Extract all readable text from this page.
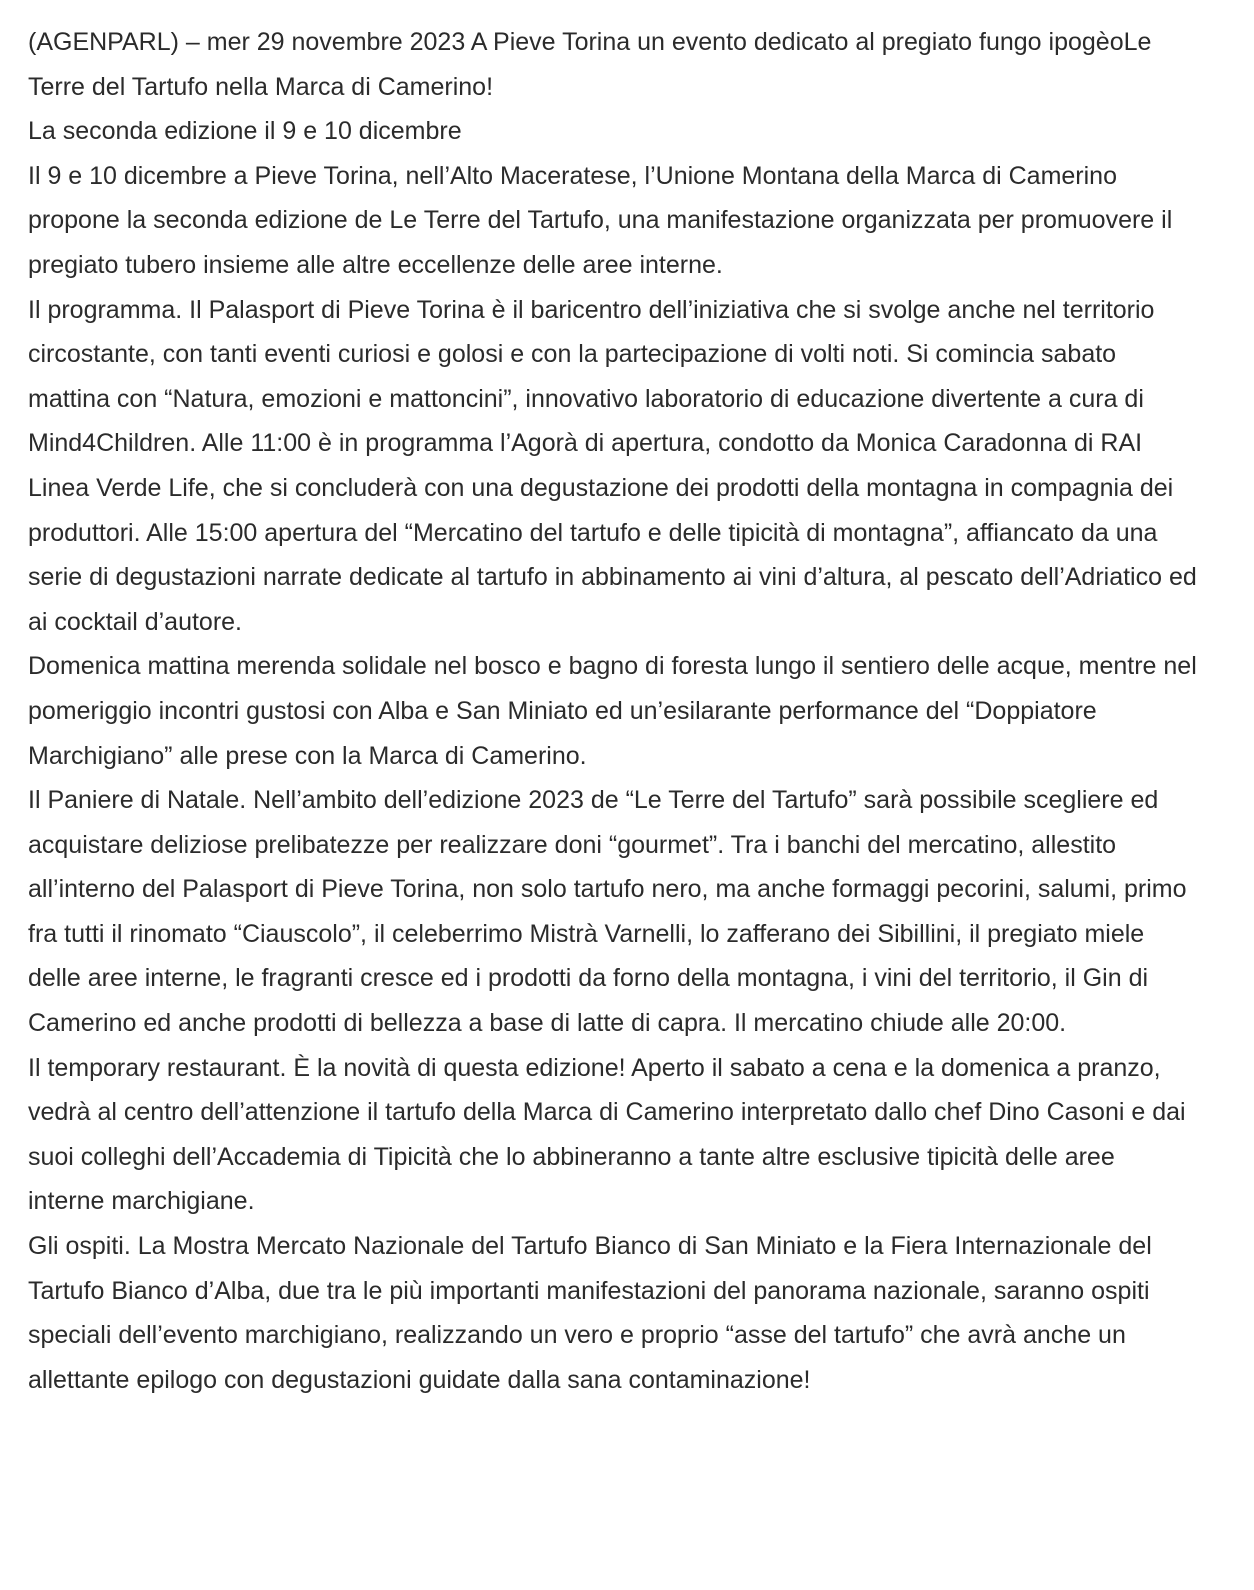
(AGENPARL) – mer 29 novembre 2023 A Pieve Torina un evento dedicato al pregiato fungo ipogèoLe Terre del Tartufo nella Marca di Camerino!

La seconda edizione il 9 e 10 dicembre

Il 9 e 10 dicembre a Pieve Torina, nell’Alto Maceratese, l’Unione Montana della Marca di Camerino propone la seconda edizione de Le Terre del Tartufo, una manifestazione organizzata per promuovere il pregiato tubero insieme alle altre eccellenze delle aree interne.

Il programma. Il Palasport di Pieve Torina è il baricentro dell’iniziativa che si svolge anche nel territorio circostante, con tanti eventi curiosi e golosi e con la partecipazione di volti noti. Si comincia sabato mattina con “Natura, emozioni e mattoncini”, innovativo laboratorio di educazione divertente a cura di Mind4Children. Alle 11:00 è in programma l’Agorà di apertura, condotto da Monica Caradonna di RAI Linea Verde Life, che si concluderà con una degustazione dei prodotti della montagna in compagnia dei produttori. Alle 15:00 apertura del “Mercatino del tartufo e delle tipicità di montagna”, affiancato da una serie di degustazioni narrate dedicate al tartufo in abbinamento ai vini d’altura, al pescato dell’Adriatico ed ai cocktail d’autore.

Domenica mattina merenda solidale nel bosco e bagno di foresta lungo il sentiero delle acque, mentre nel pomeriggio incontri gustosi con Alba e San Miniato ed un’esilarante performance del “Doppiatore Marchigiano” alle prese con la Marca di Camerino.

Il Paniere di Natale. Nell’ambito dell’edizione 2023 de “Le Terre del Tartufo” sarà possibile scegliere ed acquistare deliziose prelibatezze per realizzare doni “gourmet”. Tra i banchi del mercatino, allestito all’interno del Palasport di Pieve Torina, non solo tartufo nero, ma anche formaggi pecorini, salumi, primo fra tutti il rinomato “Ciauscolo”, il celeberrimo Mistrà Varnelli, lo zafferano dei Sibillini, il pregiato miele delle aree interne, le fragranti cresce ed i prodotti da forno della montagna, i vini del territorio, il Gin di Camerino ed anche prodotti di bellezza a base di latte di capra. Il mercatino chiude alle 20:00.

Il temporary restaurant. È la novità di questa edizione! Aperto il sabato a cena e la domenica a pranzo, vedrà al centro dell’attenzione il tartufo della Marca di Camerino interpretato dallo chef Dino Casoni e dai suoi colleghi dell’Accademia di Tipicità che lo abbineranno a tante altre esclusive tipicità delle aree interne marchigiane.

Gli ospiti. La Mostra Mercato Nazionale del Tartufo Bianco di San Miniato e la Fiera Internazionale del Tartufo Bianco d’Alba, due tra le più importanti manifestazioni del panorama nazionale, saranno ospiti speciali dell’evento marchigiano, realizzando un vero e proprio “asse del tartufo” che avrà anche un allettante epilogo con degustazioni guidate dalla sana contaminazione!
